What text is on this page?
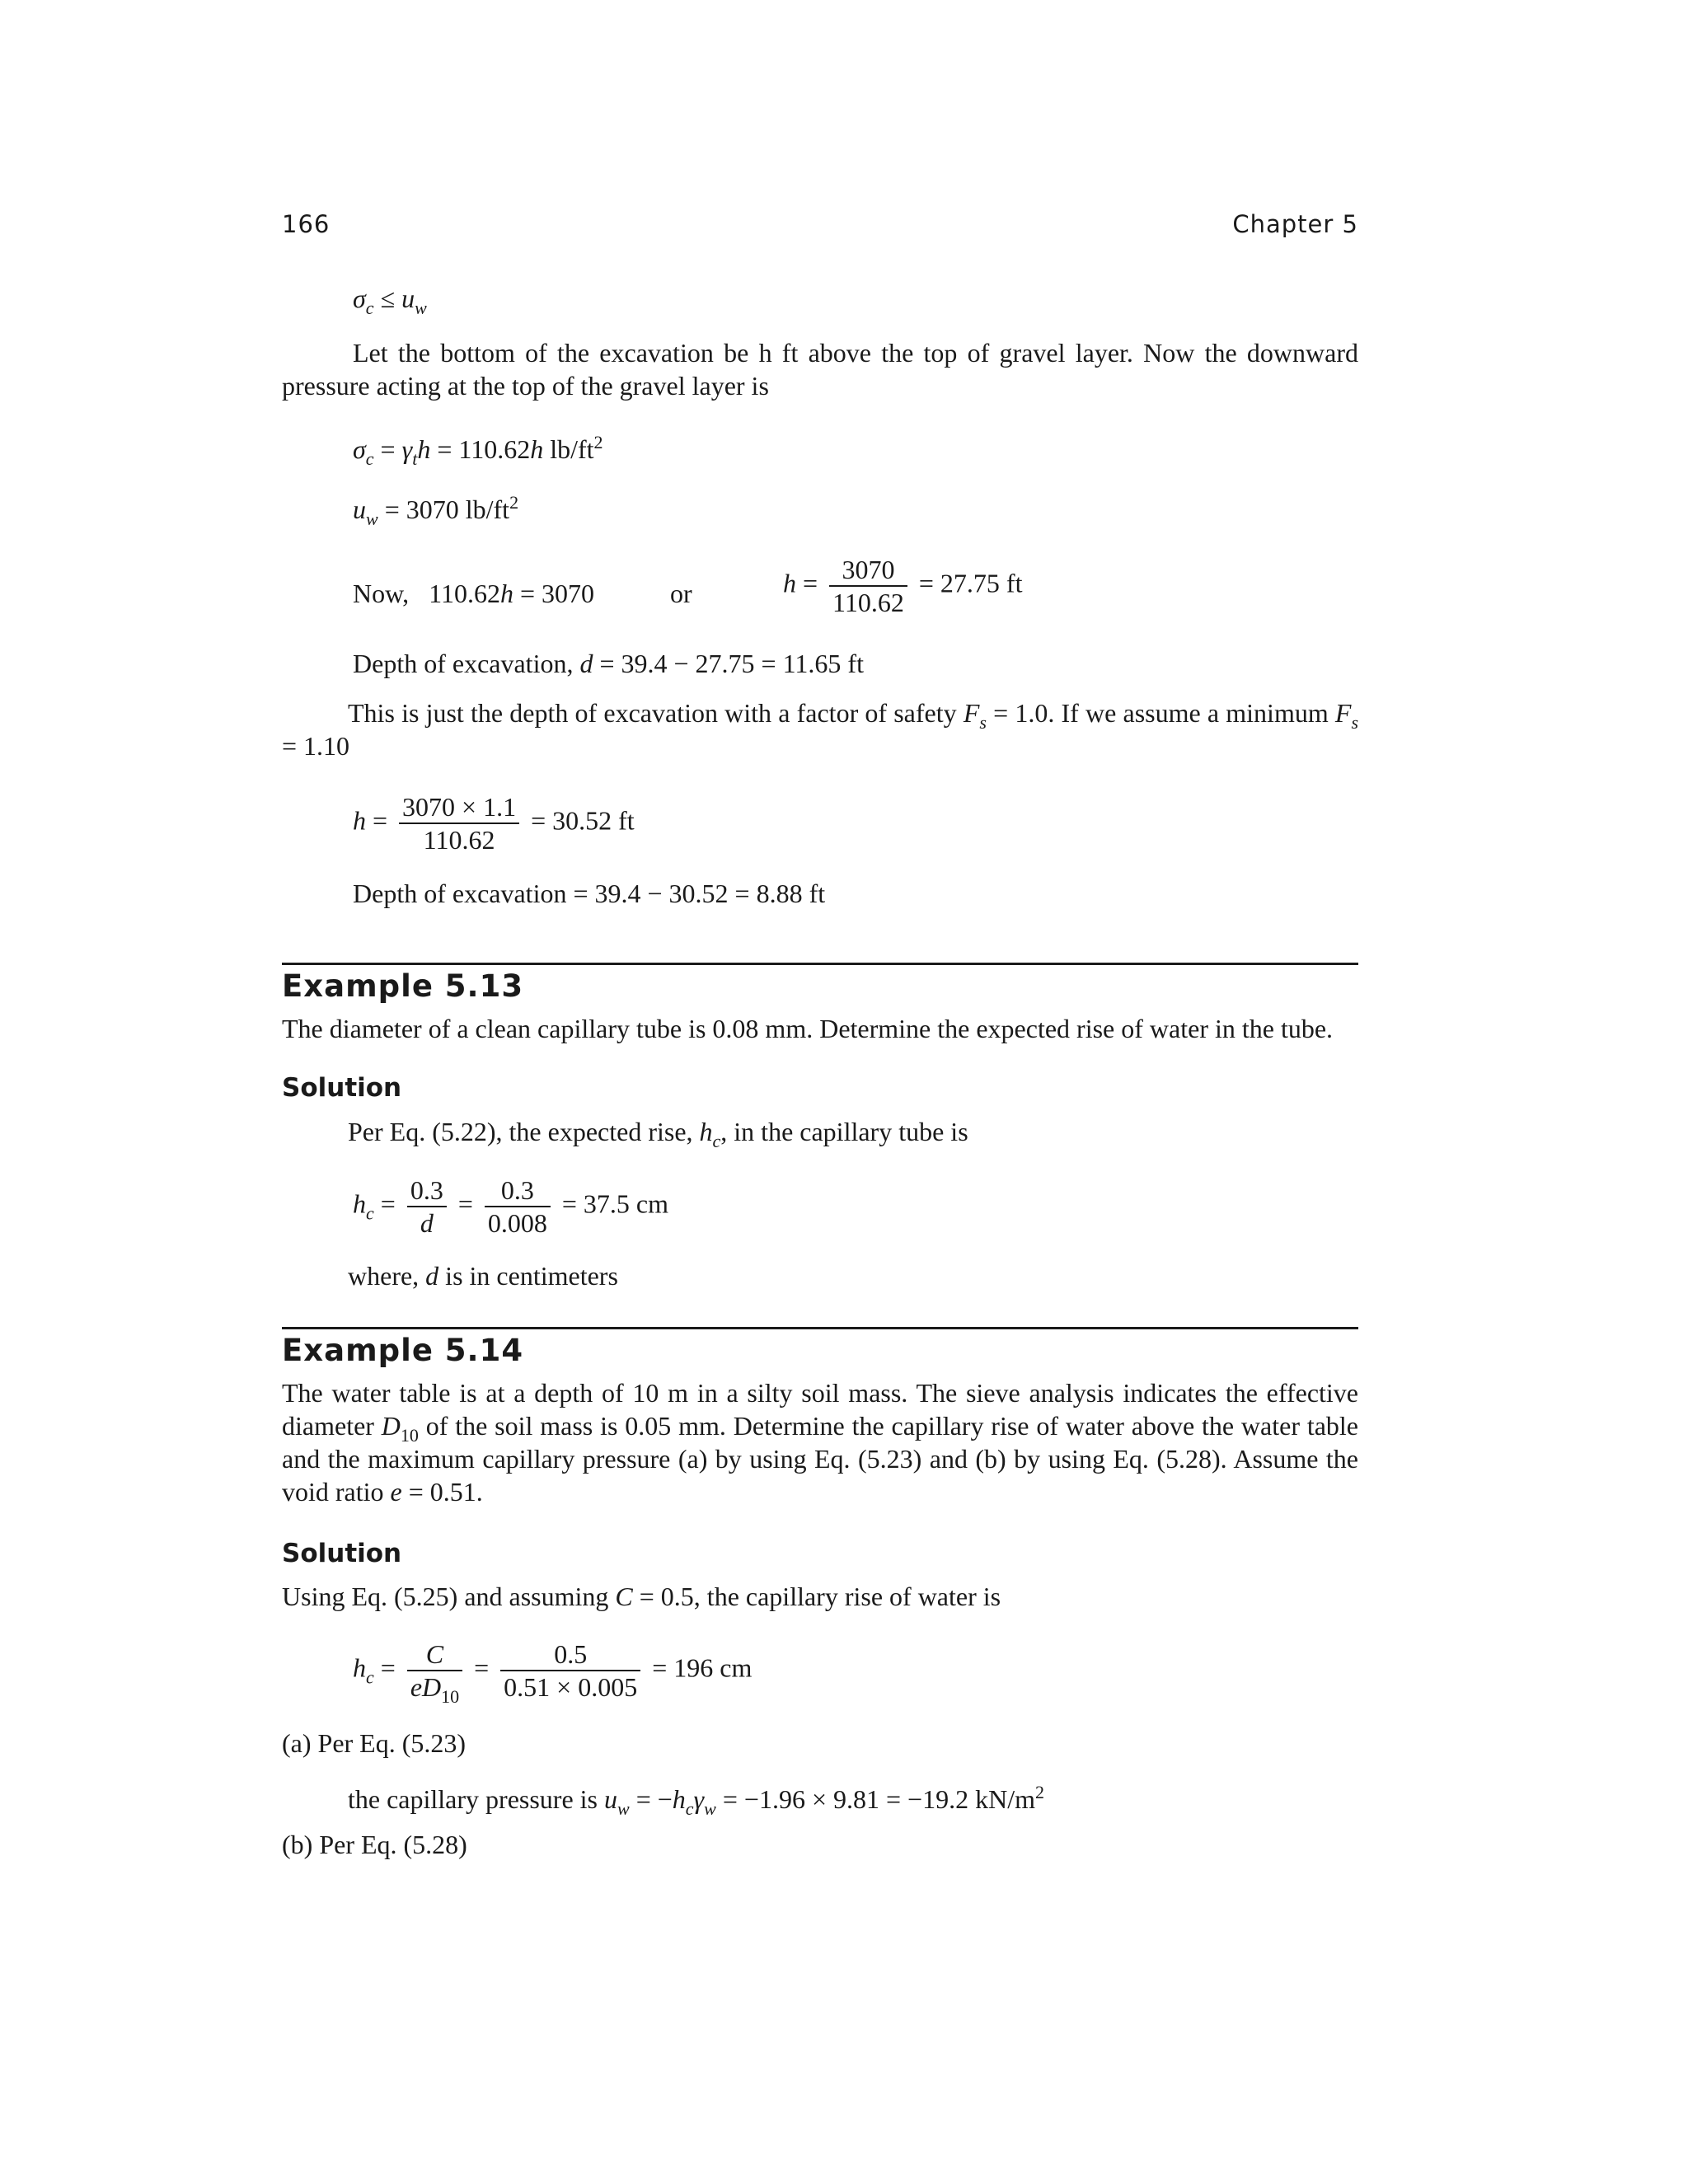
166	Chapter 5
$\sigma_c \le u_w$
Let the bottom of the excavation be h ft above the top of gravel layer. Now the downward pressure acting at the top of the gravel layer is
$\sigma_c = \gamma_th = 110.62h$ $lb/ft^2$
$u_w = 3070$ $lb/ft^2$
Now,   110.62h = 3070	or	$h = \frac{3070}{110.62} = 27.75$ ft
Depth of excavation, d = 39.4 − 27.75 = 11.65 ft
This is just the depth of excavation with a factor of safety $F_s = 1.0$. If we assume a minimum $F_s = 1.10$
$h = \frac{3070 \times 1.1}{110.62} = 30.52$ ft
Depth of excavation = 39.4 − 30.52 = 8.88 ft
Example 5.13
The diameter of a clean capillary tube is 0.08 mm. Determine the expected rise of water in the tube.
Solution
Per Eq. (5.22), the expected rise, $h_c$, in the capillary tube is
$h_c = \frac{0.3}{d} = \frac{0.3}{0.008} = 37.5$ cm
where, d is in centimeters
Example 5.14
The water table is at a depth of 10 m in a silty soil mass. The sieve analysis indicates the effective diameter $D_{10}$ of the soil mass is 0.05 mm. Determine the capillary rise of water above the water table and the maximum capillary pressure (a) by using Eq. (5.23) and (b) by using Eq. (5.28). Assume the void ratio e = 0.51.
Solution
Using Eq. (5.25) and assuming C = 0.5, the capillary rise of water is
$h_c = \frac{C}{eD_{10}} = \frac{0.5}{0.51 \times 0.005} = 196$ cm
(a) Per Eq. (5.23)
the capillary pressure is $u_w = -h_c\gamma_w = -1.96 \times 9.81 = -19.2$ $kN/m^2$
(b) Per Eq. (5.28)
